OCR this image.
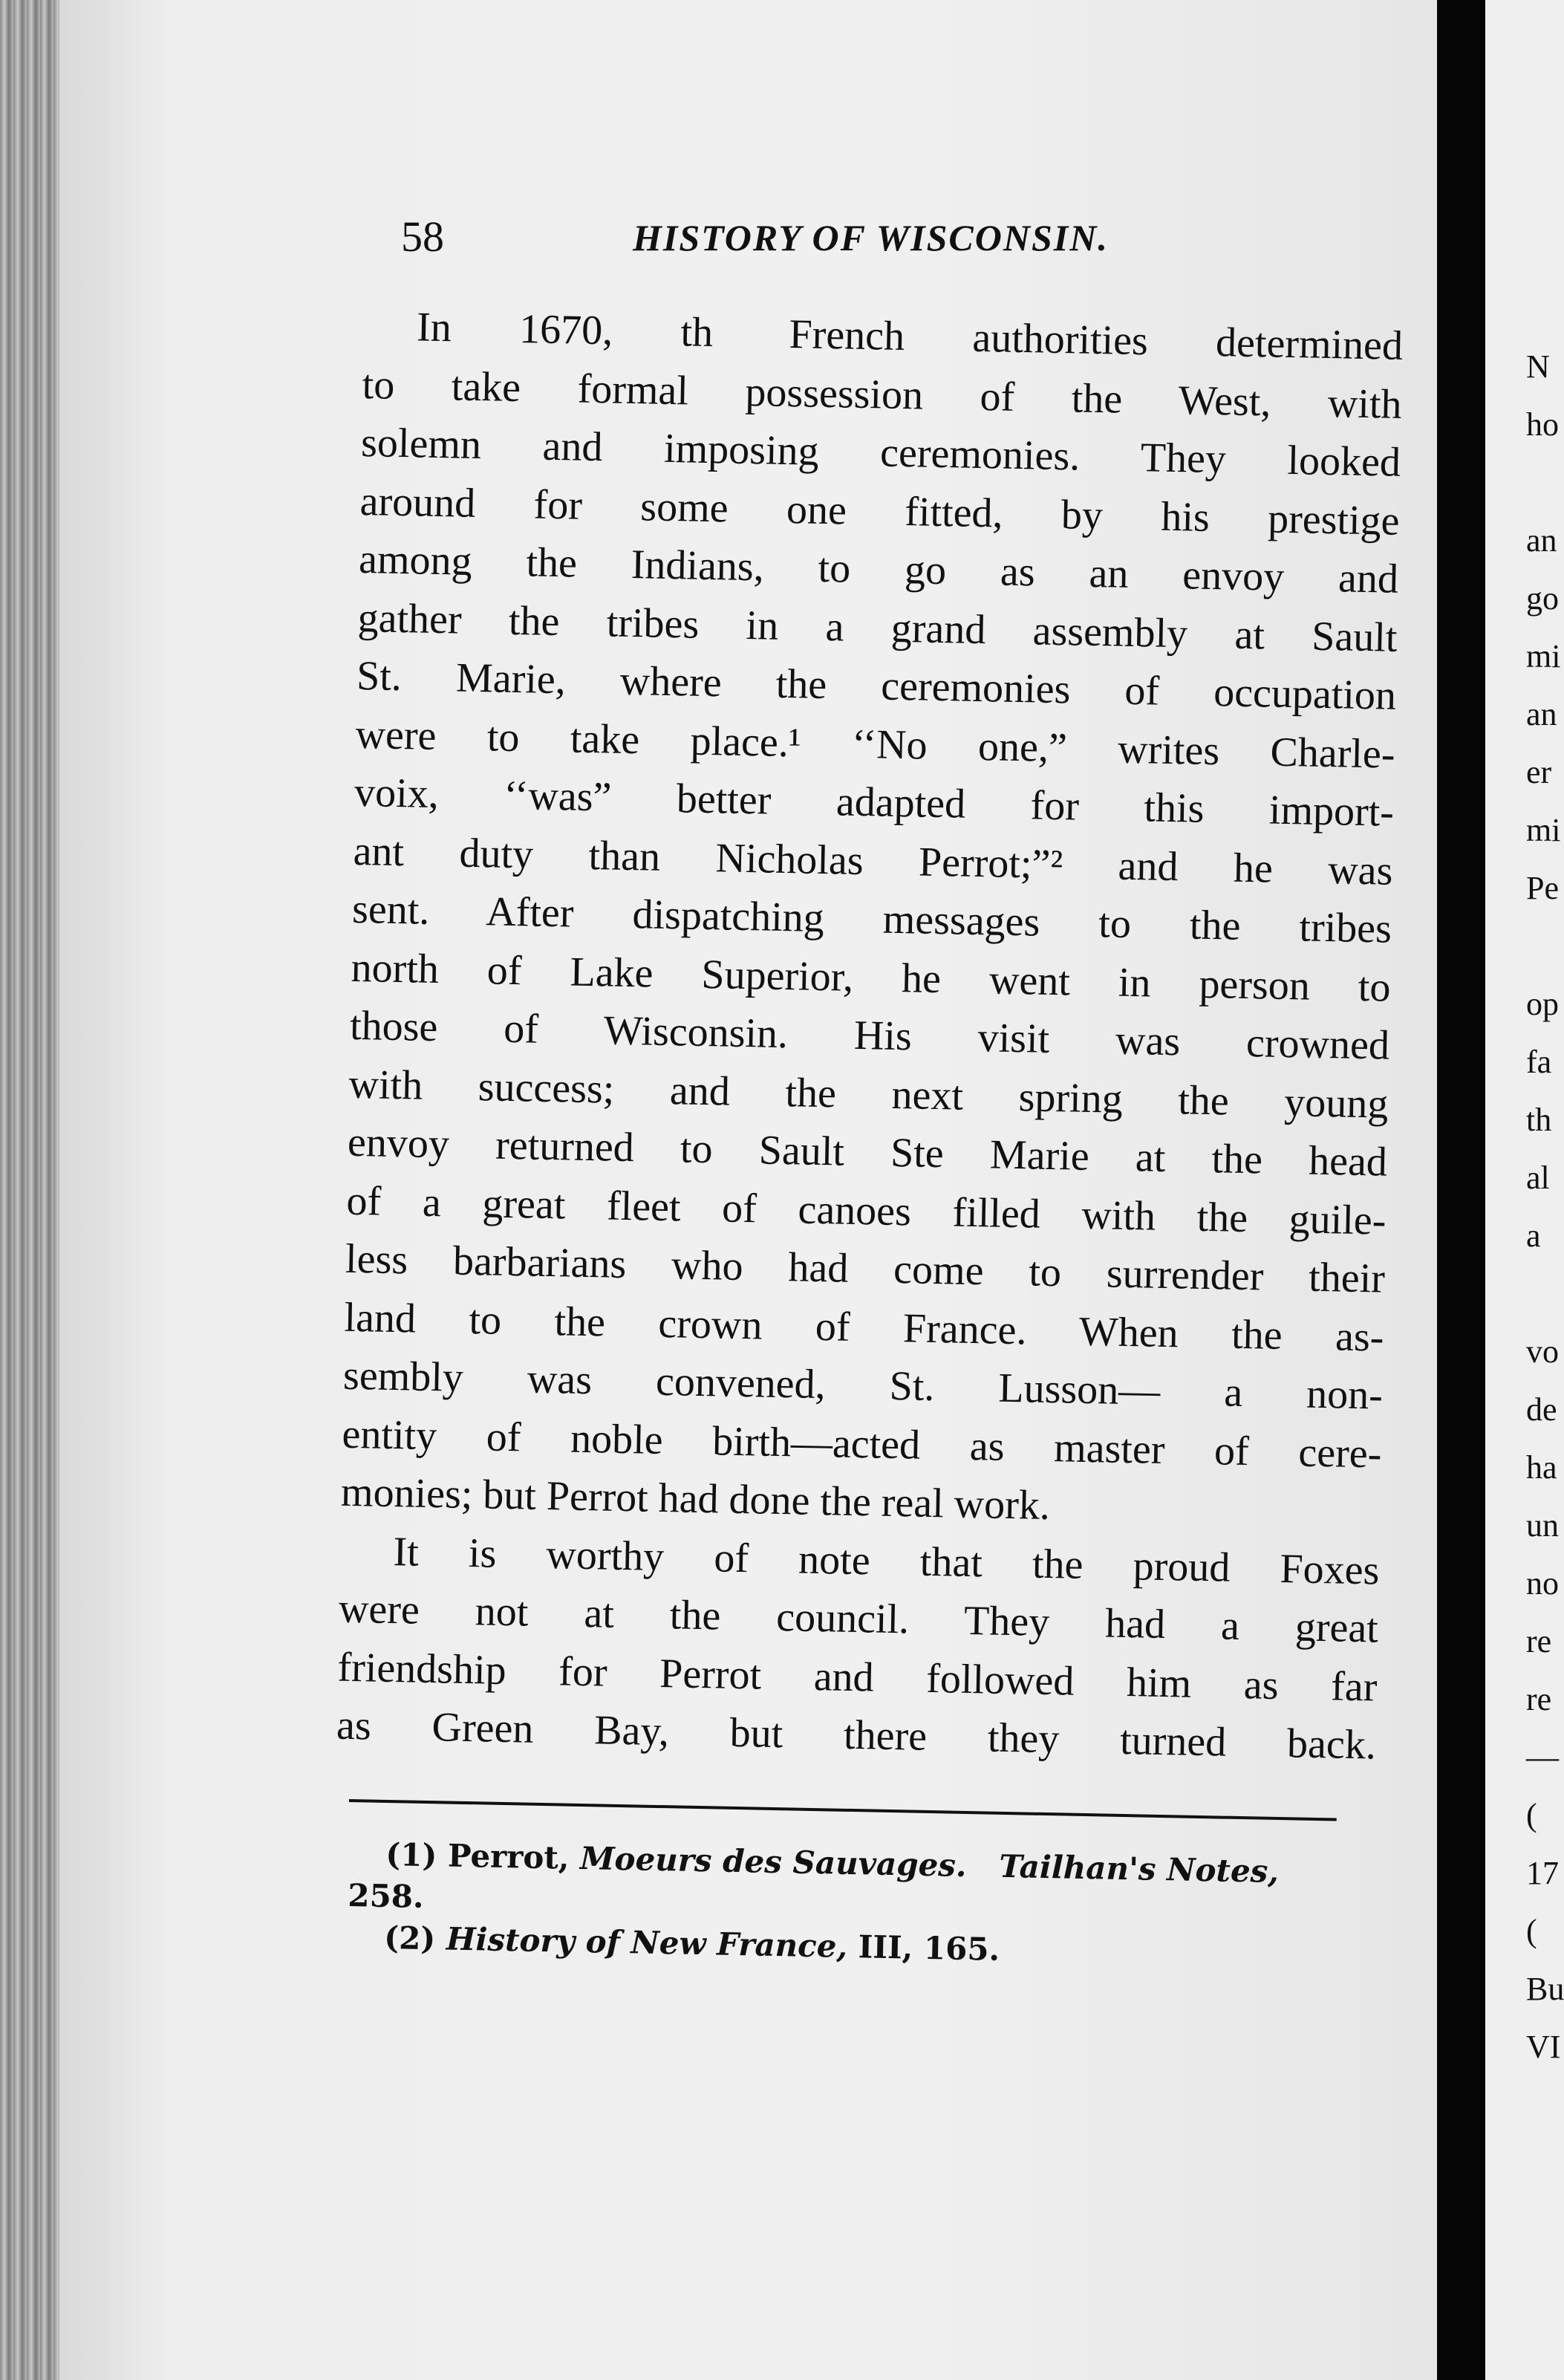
58	HISTORY OF WISCONSIN.
In 1670, th  French authorities determined
to take formal possession of the West, with
solemn and imposing ceremonies. They looked
around for some one fitted, by his prestige
among the Indians, to go as an envoy and
gather the tribes in a grand assembly at Sault
St. Marie, where the ceremonies of occupation
were to take place.¹ ‘‘No one,” writes Charle-
voix, ‘‘was” better adapted for this import-
ant duty than Nicholas Perrot;”² and he was
sent. After dispatching messages to the tribes
north of Lake Superior, he went in person to
those of Wisconsin. His visit was crowned
with success; and the next spring the young
envoy returned to Sault Ste Marie at the head
of a great fleet of canoes filled with the guile-
less barbarians who had come to surrender their
land to the crown of France. When the as-
sembly was convened, St. Lusson— a non-
entity of noble birth—acted as master of cere-
monies; but Perrot had done the real work.
It is worthy of note that the proud Foxes
were not at the council. They had a great
friendship for Perrot and followed him as far
as Green Bay, but there they turned back.
(1) Perrot, Moeurs des Sauvages. Tailhan's Notes,
258.
(2) History of New France, III, 165.
N
ho
an
go
mi
an
er
mi
Pe
op
fa
th
al
a
vo
de
ha
un
no
re
re
—
(
17
(
Bu
VI
